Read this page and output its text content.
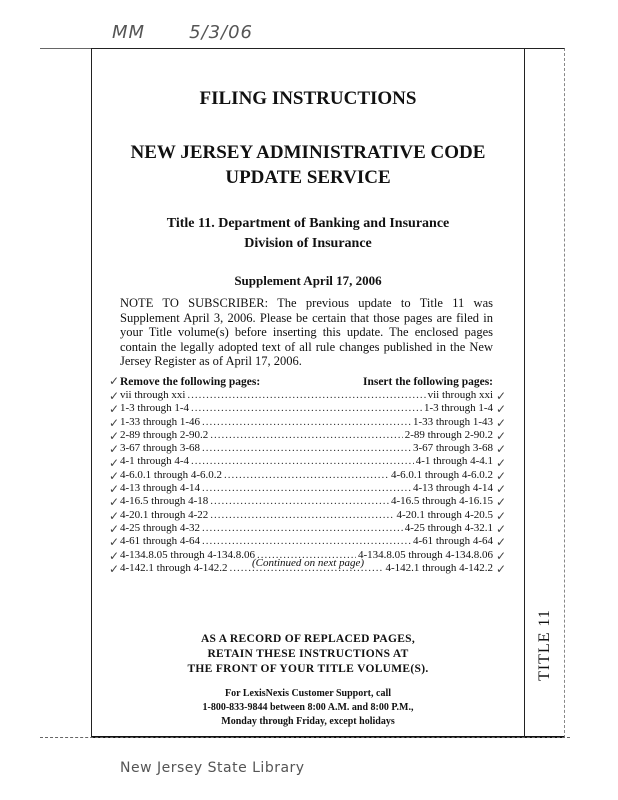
MM 5/3/06
TITLE 11
FILING INSTRUCTIONS
NEW JERSEY ADMINISTRATIVE CODE
UPDATE SERVICE
Title 11. Department of Banking and Insurance
Division of Insurance
Supplement April 17, 2006

NOTE TO SUBSCRIBER: The previous update to Title 11 was Supplement April 3, 2006. Please be certain that those pages are filed in your Title volume(s) before inserting this update. The enclosed pages contain the legally adopted text of all rule changes published in the New Jersey Register as of April 17, 2006.

Remove the following pages:	Insert the following pages:
vii through xxi .....	vii through xxi
1-3 through 1-4 .....	1-3 through 1-4
1-33 through 1-46 .....	1-33 through 1-43
2-89 through 2-90.2 .....	2-89 through 2-90.2
3-67 through 3-68 .....	3-67 through 3-68
4-1 through 4-4 .....	4-1 through 4-4.1
4-6.0.1 through 4-6.0.2 .....	4-6.0.1 through 4-6.0.2
4-13 through 4-14 .....	4-13 through 4-14
4-16.5 through 4-18 .....	4-16.5 through 4-16.15
4-20.1 through 4-22 .....	4-20.1 through 4-20.5
4-25 through 4-32 .....	4-25 through 4-32.1
4-61 through 4-64 .....	4-61 through 4-64
4-134.8.05 through 4-134.8.06 .....	4-134.8.05 through 4-134.8.06
4-142.1 through 4-142.2 .....	4-142.1 through 4-142.2
✓
✓	✓
✓	✓
✓	✓
✓	✓
✓	✓
✓	✓
✓	✓
✓	✓
✓	✓
✓	✓
✓	✓
✓	✓
✓	✓
✓	✓
(Continued on next page)
AS A RECORD OF REPLACED PAGES,
RETAIN THESE INSTRUCTIONS AT
THE FRONT OF YOUR TITLE VOLUME(S).
For LexisNexis Customer Support, call
1-800-833-9844 between 8:00 A.M. and 8:00 P.M.,
Monday through Friday, except holidays
New Jersey State Library
